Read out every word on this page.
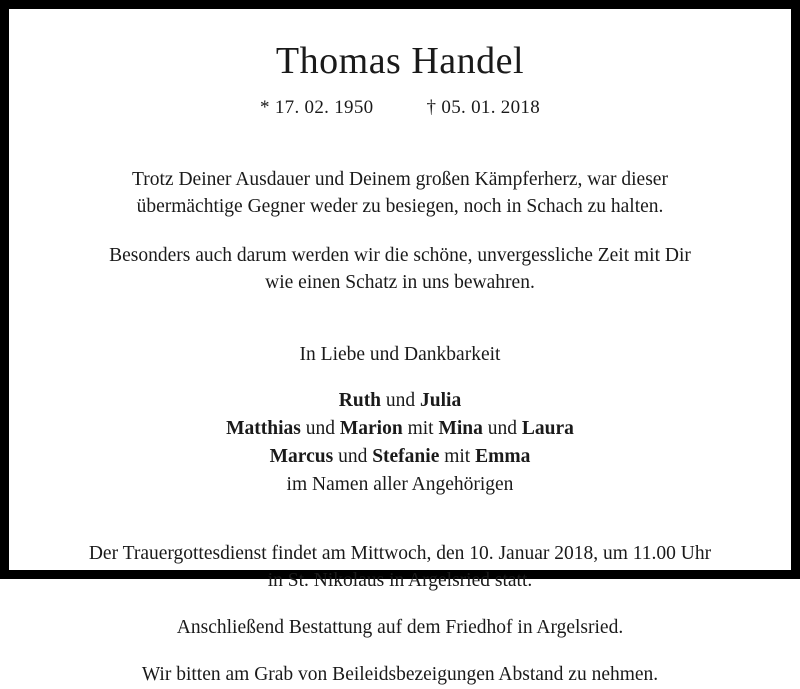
Thomas Handel
* 17. 02. 1950	† 05. 01. 2018
Trotz Deiner Ausdauer und Deinem großen Kämpferherz, war dieser
übermächtige Gegner weder zu besiegen, noch in Schach zu halten.
Besonders auch darum werden wir die schöne, unvergessliche Zeit mit Dir
wie einen Schatz in uns bewahren.
In Liebe und Dankbarkeit
Ruth und Julia
Matthias und Marion mit Mina und Laura
Marcus und Stefanie mit Emma
im Namen aller Angehörigen
Der Trauergottesdienst findet am Mittwoch, den 10. Januar 2018, um 11.00 Uhr
in St. Nikolaus in Argelsried statt.
Anschließend Bestattung auf dem Friedhof in Argelsried.
Wir bitten am Grab von Beileidsbezeigungen Abstand zu nehmen.
